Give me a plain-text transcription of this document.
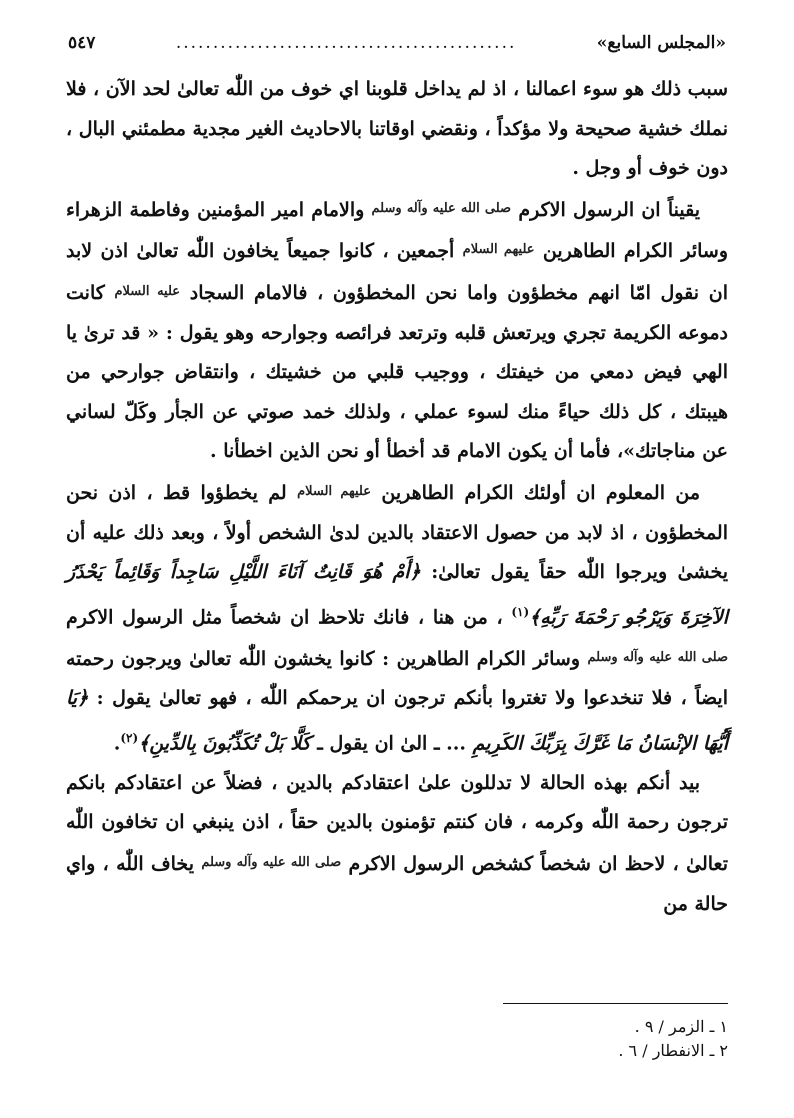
«المجلس السابع»
..............................................
٥٤٧

سبب ذلك هو سوء اعمالنا ، اذ لم يداخل قلوبنا اي خوف من اللّٰه تعالىٰ لحد الآن ، فلا نملك خشية صحيحة ولا مؤكداً ، ونقضي اوقاتنا بالاحاديث الغير مجدية مطمئني البال ، دون خوف أو وجل .

يقيناً ان الرسول الاكرم $^{صلى الله عليه وآله وسلم}$ والامام امير المؤمنين وفاطمة الزهراء وسائر الكرام الطاهرين $^{عليهم السلام}$ أجمعين ، كانوا جميعاً يخافون اللّٰه تعالىٰ اذن لابد ان نقول امّا انهم مخطؤون واما نحن المخطؤون ، فالامام السجاد $^{عليه السلام}$ كانت دموعه الكريمة تجري ويرتعش قلبه وترتعد فرائصه وجوارحه وهو يقول : « قد ترىٰ يا الهي فيض دمعي من خيفتك ، ووجيب قلبي من خشيتك ، وانتقاض جوارحي من هيبتك ، كل ذلك حياءً منك لسوء عملي ، ولذلك خمد صوتي عن الجأر وكَلّ لساني عن مناجاتك»، فأما أن يكون الامام قد أخطأ أو نحن الذين اخطأنا .

من المعلوم ان أولئك الكرام الطاهرين $^{عليهم السلام}$ لم يخطؤوا قط ، اذن نحن المخطؤون ، اذ لابد من حصول الاعتقاد بالدين لدىٰ الشخص أولاً ، وبعد ذلك عليه أن يخشىٰ ويرجوا اللّٰه حقاً يقول تعالىٰ: ﴿أَمْ هُوَ قَانِتٌ آنَاءَ اللَّيْلِ سَاجِداً وَقَائِماً يَحْذَرُ الآخِرَةَ وَيَرْجُو رَحْمَةَ رَبِّهِ﴾$^{(١)}$ ، من هنا ، فانك تلاحظ ان شخصاً مثل الرسول الاكرم $^{صلى الله عليه وآله وسلم}$ وسائر الكرام الطاهرين : كانوا يخشون اللّٰه تعالىٰ ويرجون رحمته ايضاً ، فلا تنخدعوا ولا تغتروا بأنكم ترجون ان يرحمكم اللّٰه ، فهو تعالىٰ يقول : ﴿يَا أَيُّهَا الإنْسَانُ مَا غَرَّكَ بِرَبِّكَ الكَرِيمِ ... ـ الىٰ ان يقول ـ كَلَّا بَلْ تُكَذِّبُونَ بِالدِّينِ﴾$^{(٢)}$.

بيد أنكم بهذه الحالة لا تدللون علىٰ اعتقادكم بالدين ، فضلاً عن اعتقادكم بانكم ترجون رحمة اللّٰه وكرمه ، فان كنتم تؤمنون بالدين حقاً ، اذن ينبغي ان تخافون اللّٰه تعالىٰ ، لاحظ ان شخصاً كشخص الرسول الاكرم $^{صلى الله عليه وآله وسلم}$ يخاف اللّٰه ، واي حالة من

١ ـ الزمر / ٩ .
٢ ـ الانفطار / ٦ .
